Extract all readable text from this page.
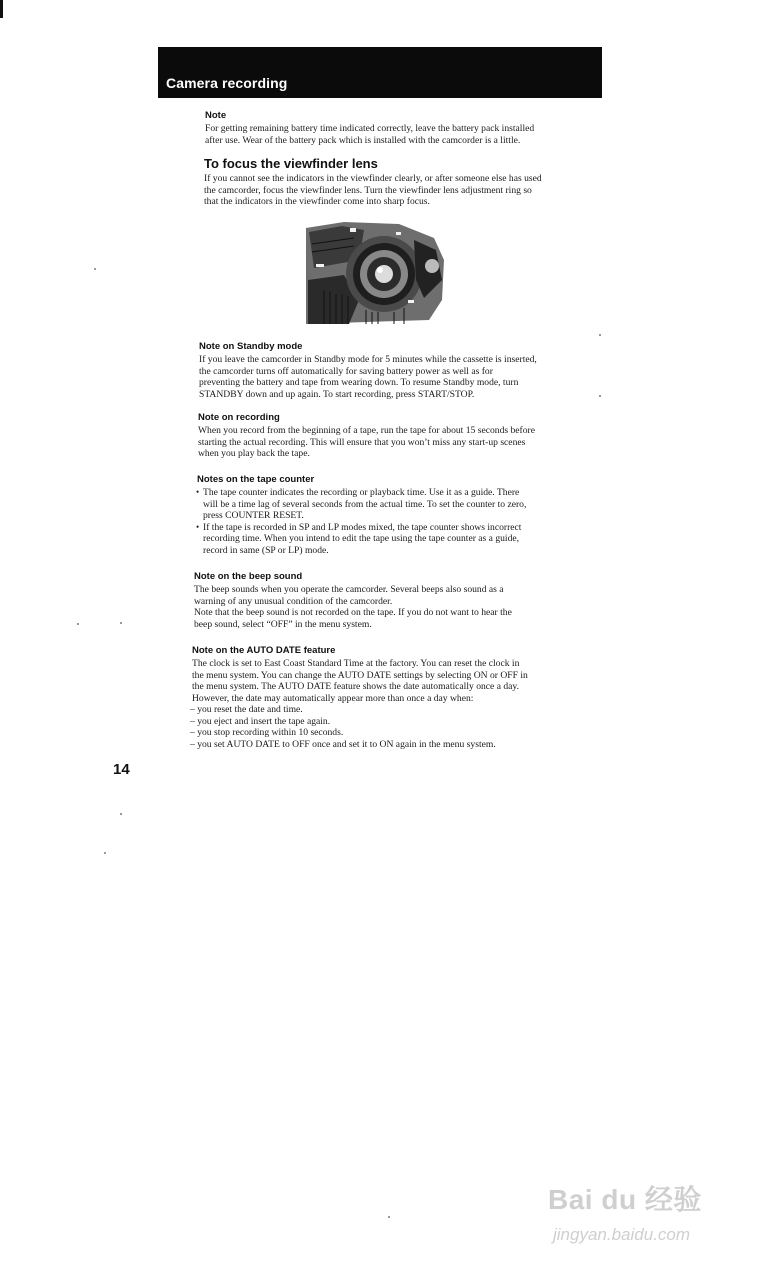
Camera recording
Note
For getting remaining battery time indicated correctly, leave the battery pack installed
after use. Wear of the battery pack which is installed with the camcorder is a little.
To focus the viewfinder lens
If you cannot see the indicators in the viewfinder clearly, or after someone else has used
the camcorder, focus the viewfinder lens. Turn the viewfinder lens adjustment ring so
that the indicators in the viewfinder come into sharp focus.
Note on Standby mode
If you leave the camcorder in Standby mode for 5 minutes while the cassette is inserted,
the camcorder turns off automatically for saving battery power as well as for
preventing the battery and tape from wearing down. To resume Standby mode, turn
STANDBY down and up again. To start recording, press START/STOP.
Note on recording
When you record from the beginning of a tape, run the tape for about 15 seconds before
starting the actual recording. This will ensure that you won’t miss any start-up scenes
when you play back the tape.
Notes on the tape counter
• The tape counter indicates the recording or playback time. Use it as a guide. There
will be a time lag of several seconds from the actual time. To set the counter to zero,
press COUNTER RESET.
• If the tape is recorded in SP and LP modes mixed, the tape counter shows incorrect
recording time. When you intend to edit the tape using the tape counter as a guide,
record in same (SP or LP) mode.
Note on the beep sound
The beep sounds when you operate the camcorder. Several beeps also sound as a
warning of any unusual condition of the camcorder.
Note that the beep sound is not recorded on the tape. If you do not want to hear the
beep sound, select “OFF” in the menu system.
Note on the AUTO DATE feature
The clock is set to East Coast Standard Time at the factory. You can reset the clock in
the menu system. You can change the AUTO DATE settings by selecting ON or OFF in
the menu system. The AUTO DATE feature shows the date automatically once a day.
However, the date may automatically appear more than once a day when:
– you reset the date and time.
– you eject and insert the tape again.
– you stop recording within 10 seconds.
– you set AUTO DATE to OFF once and set it to ON again in the menu system.
14
Bai du 经验
jingyan.baidu.com
